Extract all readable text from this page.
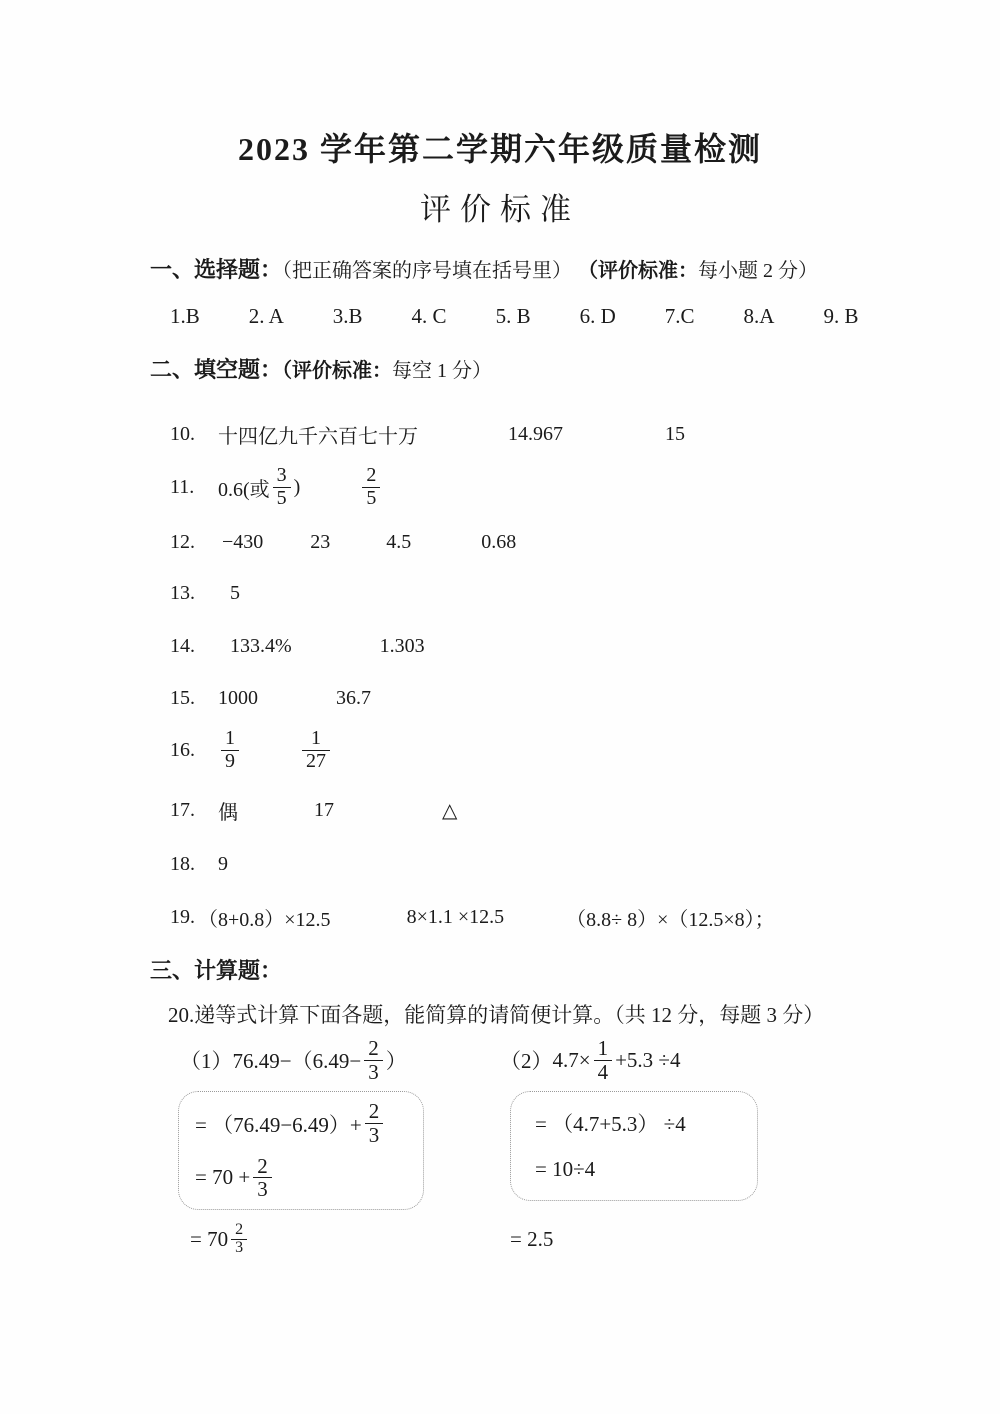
2023 学年第二学期六年级质量检测
评价标准
一、选择题：（把正确答案的序号填在括号里） （评价标准：每小题 2 分）
1.B 2. A 3.B 4. C 5. B 6. D 7.C 8.A 9. B
二、填空题：（评价标准：每空 1 分）
10.	十四亿九千六百七十万	14.967	15
11.	0.6(或 $\frac{3}{5}$ )	$\frac{2}{5}$
12.	−430 23	4.5	0.68
13.	5
14.	133.4%	1.303
15.	1000	36.7
16.	$\frac{1}{9}$	$\frac{1}{27}$
17.	偶	17	△
18.	9
19. （8+0.8）×12.5	8×1.1 ×12.5	（8.8÷ 8）×（12.5×8）；
三、计算题：
20.递等式计算下面各题，能简算的请简便计算。（共 12 分，每题 3 分）
（1） $76.49-(6.49- \frac{2}{3}$ ）	（2） $4.7\times \frac{1}{4} +5.3 \div 4$
= $(76.49-6.49)+ \frac{2}{3}$
= $70 + \frac{2}{3}$
= （4.7+5.3） ÷4
= 10÷4
= $70 \frac{2}{3}$	= 2.5
